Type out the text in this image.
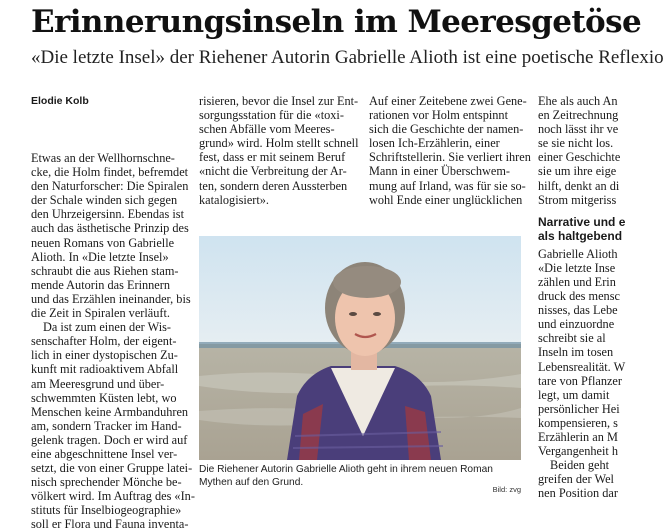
Erinnerungsinseln im Meeresgetöse

«Die letzte Insel» der Riehener Autorin Gabrielle Alioth ist eine poetische Reflexio

Elodie Kolb

Etwas an der Wellhornschne-
cke, die Holm findet, befremdet
den Naturforscher: Die Spiralen
der Schale winden sich gegen
den Uhrzeigersinn. Ebendas ist
auch das ästhetische Prinzip des
neuen Romans von Gabrielle
Alioth. In «Die letzte Insel»
schraubt die aus Riehen stam-
mende Autorin das Erinnern
und das Erzählen ineinander, bis
die Zeit in Spiralen verläuft.
Da ist zum einen der Wis-
senschafter Holm, der eigent-
lich in einer dystopischen Zu-
kunft mit radioaktivem Abfall
am Meeresgrund und über-
schwemmten Küsten lebt, wo
Menschen keine Armbanduhren
am, sondern Tracker im Hand-
gelenk tragen. Doch er wird auf
eine abgeschnittene Insel ver-
setzt, die von einer Gruppe latei-
nisch sprechender Mönche be-
völkert wird. Im Auftrag des «In-
stituts für Inselbiogeographie»
soll er Flora und Fauna inventa-
risieren, bevor die Insel zur Ent-
sorgungsstation für die «toxi-
schen Abfälle vom Meeres-
grund» wird. Holm stellt schnell
fest, dass er mit seinem Beruf
«nicht die Verbreitung der Ar-
ten, sondern deren Aussterben
katalogisiert».
Auf einer Zeitebene zwei Gene-
rationen vor Holm entspinnt
sich die Geschichte der namen-
losen Ich-Erzählerin, einer
Schriftstellerin. Sie verliert ihren
Mann in einer Überschwem-
mung auf Irland, was für sie so-
wohl Ende einer unglücklichen
Ehe als auch An
en Zeitrechnung
noch lässt ihr ve
se sie nicht los.
einer Geschichte
sie um ihre eige
hilft, denkt an di
Strom mitgeriss
Narrative und e
als haltgebend
Gabrielle Alioth
«Die letzte Inse
zählen und Erin
druck des mensc
nisses, das Lebe
und einzuordne
schreibt sie al
Inseln im tosen
Lebensrealität. W
tare von Pflanzer
legt, um damit
persönlicher Hei
kompensieren, s
Erzählerin an M
Vergangenheit h
Beiden geht
greifen der Wel
nen Position dar
Die Riehener Autorin Gabrielle Alioth geht in ihrem neuen Roman
Mythen auf den Grund.
Bild: zvg
